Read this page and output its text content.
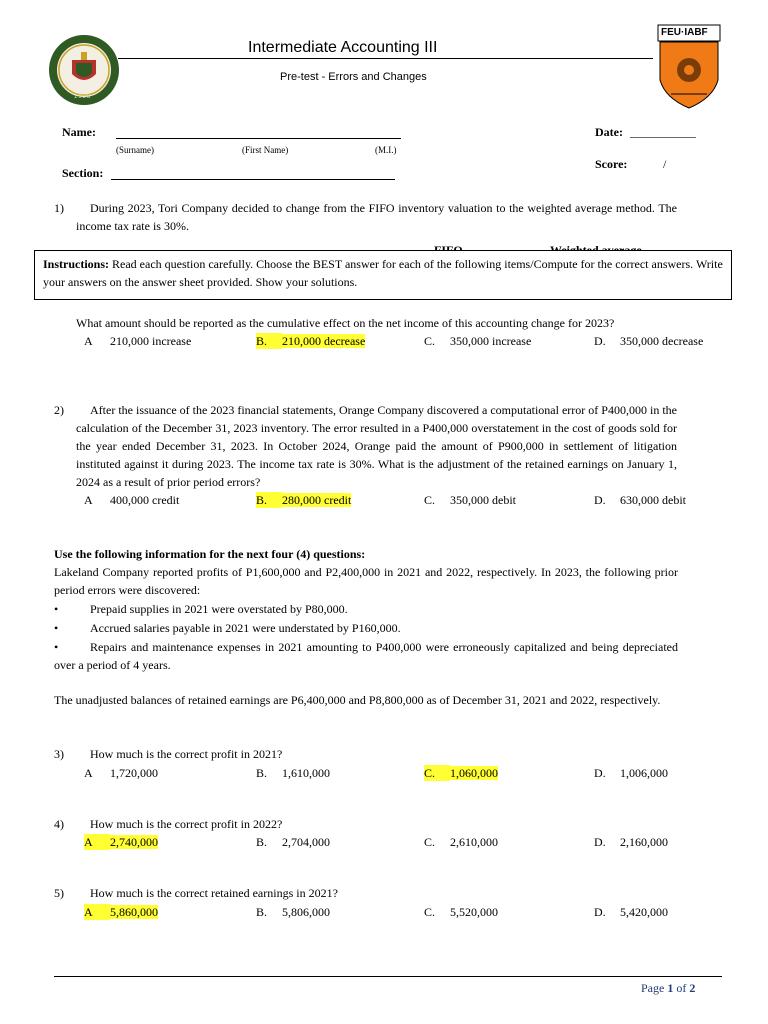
1928
Intermediate Accounting III
Pre-test - Errors and Changes
FEU·IABF
Name:
(Surname)	(First Name)	(M.I.)
Section:
Date: ___________
Score:	/
1)	During 2023, Tori Company decided to change from the FIFO inventory valuation to the weighted average method. The income tax rate is 30%.
Instructions: Read each question carefully. Choose the BEST answer for each of the following items/Compute for the correct answers. Write your answers on the answer sheet provided. Show your solutions.
What amount should be reported as the cumulative effect on the net income of this accounting change for 2023?
A 210,000 increase	B. 210,000 decrease	C. 350,000 increase	D. 350,000 decrease
2)	After the issuance of the 2023 financial statements, Orange Company discovered a computational error of P400,000 in the calculation of the December 31, 2023 inventory. The error resulted in a P400,000 overstatement in the cost of goods sold for the year ended December 31, 2023. In October 2024, Orange paid the amount of P900,000 in settlement of litigation instituted against it during 2023. The income tax rate is 30%. What is the adjustment of the retained earnings on January 1, 2024 as a result of prior period errors?
A 400,000 credit	B. 280,000 credit	C. 350,000 debit	D. 630,000 debit
Use the following information for the next four (4) questions:
Lakeland Company reported profits of P1,600,000 and P2,400,000 in 2021 and 2022, respectively. In 2023, the following prior period errors were discovered:
•	Prepaid supplies in 2021 were overstated by P80,000.
•	Accrued salaries payable in 2021 were understated by P160,000.
•	Repairs and maintenance expenses in 2021 amounting to P400,000 were erroneously capitalized and being depreciated over a period of 4 years.
The unadjusted balances of retained earnings are P6,400,000 and P8,800,000 as of December 31, 2021 and 2022, respectively.
3) How much is the correct profit in 2021?
A 1,720,000	B. 1,610,000	C. 1,060,000	D. 1,006,000
4) How much is the correct profit in 2022?
A 2,740,000	B. 2,704,000	C. 2,610,000	D. 2,160,000
5) How much is the correct retained earnings in 2021?
A 5,860,000	B. 5,806,000	C. 5,520,000	D. 5,420,000
Page 1 of 2
